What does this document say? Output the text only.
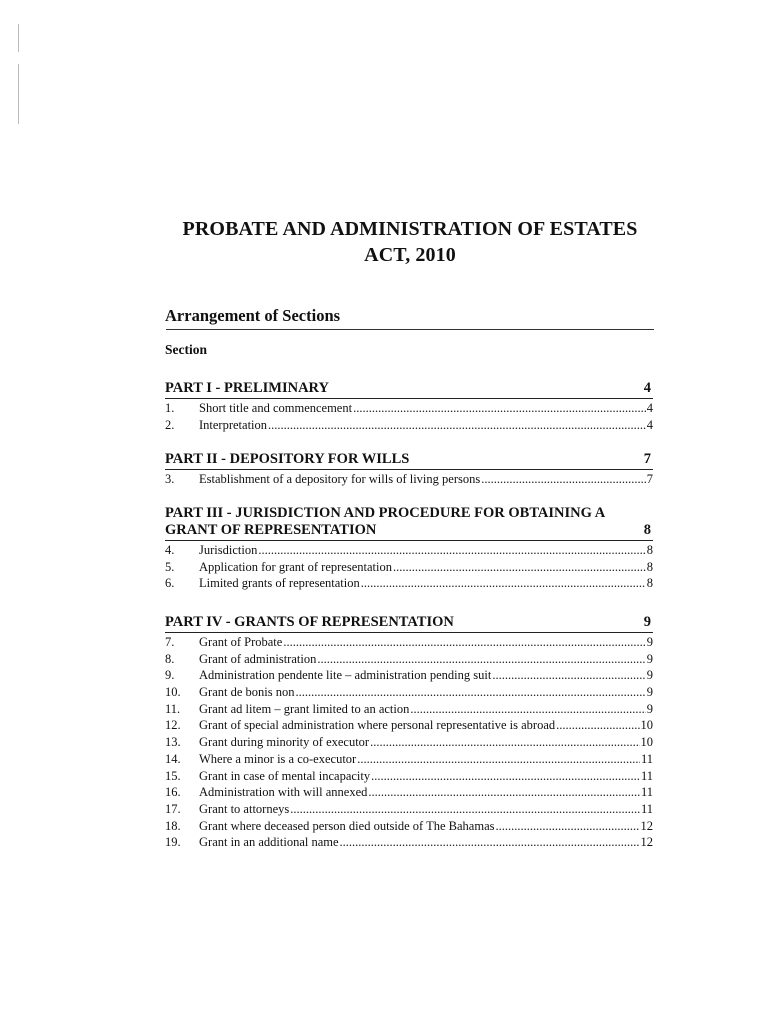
PROBATE AND ADMINISTRATION OF ESTATES
ACT, 2010
Arrangement of Sections
Section
PART I - PRELIMINARY	4
1.	Short title and commencement .....	4
2.	Interpretation .....	4
PART II - DEPOSITORY FOR WILLS	7
3.	Establishment of a depository for wills of living persons .....	7
PART III - JURISDICTION AND PROCEDURE FOR OBTAINING A
GRANT OF REPRESENTATION	8
4.	Jurisdiction .....	8
5.	Application for grant of representation .....	8
6.	Limited grants of representation .....	8
PART IV - GRANTS OF REPRESENTATION	9
7.	Grant of Probate .....	9
8.	Grant of administration .....	9
9.	Administration pendente lite – administration pending suit .....	9
10.	Grant de bonis non .....	9
11.	Grant ad litem – grant limited to an action .....	9
12.	Grant of special administration where personal representative is abroad .....	10
13.	Grant during minority of executor .....	10
14.	Where a minor is a co-executor .....	11
15.	Grant in case of mental incapacity .....	11
16.	Administration with will annexed .....	11
17.	Grant to attorneys .....	11
18.	Grant where deceased person died outside of The Bahamas .....	12
19.	Grant in an additional name .....	12
